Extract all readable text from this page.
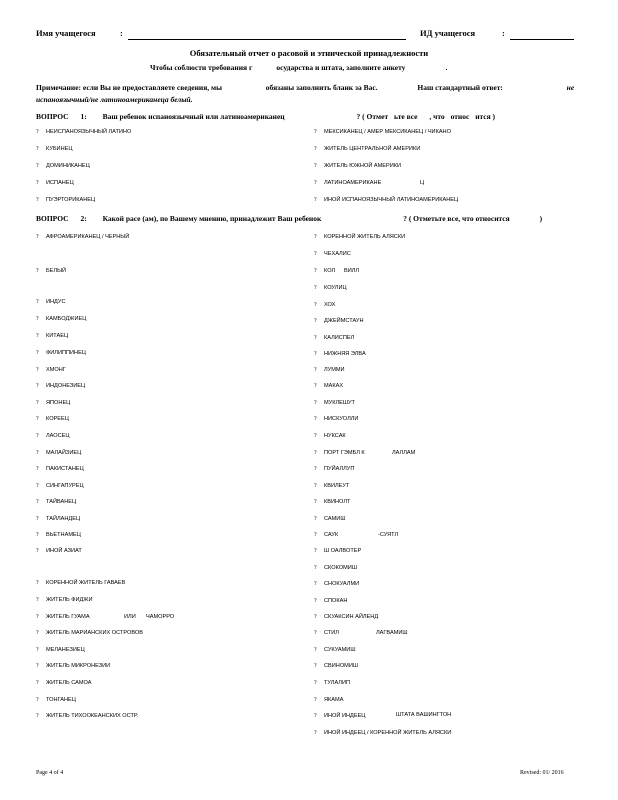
Имя учащегося	:	ИД учащегося	:
Обязательный отчет о расовой и этнической принадлежности
Чтобы соблюсти требования г	осударства и штата, заполните анкету	.
Примечание: если Вы не предоставляете сведения, мы	обязаны заполнить бланк за Вас.	Наш стандартный ответ:	не
испаноязычный/не латиноамериканеца белый.
ВОПРОС 1: Ваш ребенок испаноязычный или латиноамериканец	? ( Отмет ьте все , что относ ится )
? НЕИСПАНОЯЗЫЧНЫЙ ЛАТИНО
? КУБИНЕЦ
? ДОМИНИКАНЕЦ
? ИСПАНЕЦ
? ПУЭРТОРИКАНЕЦ
? МЕКСИКАНЕЦ / АМЕР МЕКСИКАНЕЦ / ЧИКАНО
? ЖИТЕЛЬ ЦЕНТРАЛЬНОЙ АМЕРИКИ
? ЖИТЕЛЬ ЮЖНОЙ АМЕРИКИ
? ЛАТИНОАМЕРИКАНЕ
? ИНОЙ ИСПАНОЯЗЫЧНЫЙ ЛАТИНОАМЕРИКАНЕЦ
Ц
ВОПРОС 2: Какой расе (ам), по Вашему мнению, принадлежит Ваш ребенок	? ( Отметьте все, что относится	)
? АФРОАМЕРИКАНЕЦ / ЧЕРНЫЙ
? БЕЛЫЙ
? ИНДУС
? КАМБОДЖИЕЦ
? КИТАЕЦ
? ФИЛИППИНЕЦ
? ХМОНГ
? ИНДОНЕЗИЕЦ
? ЯПОНЕЦ
? КОРЕЕЦ
? ЛАОСЕЦ
? МАЛАЙЗИЕЦ
? ПАКИСТАНЕЦ
? СИНГАПУРЕЦ
? ТАЙВАНЕЦ
? ТАЙЛАНДЕЦ
? ВЬЕТНАМЕЦ
? ИНОЙ АЗИАТ
? КОРЕННОЙ ЖИТЕЛЬ ГАВАЕВ
? ЖИТЕЛЬ ФИДЖИ
? ЖИТЕЛЬ ГУАМА
? ЖИТЕЛЬ МАРИАНСКИХ ОСТРОВОВ
? МЕЛАНЕЗИЕЦ
? ЖИТЕЛЬ МИКРОНЕЗИИ
? ЖИТЕЛЬ САМОА
? ТОНГАНЕЦ
? ЖИТЕЛЬ ТИХООКЕАНСКИХ ОСТР.
? КОРЕННОЙ ЖИТЕЛЬ АЛЯСКИ
? ЧЕХАЛИС
? КОЛ
? КОУЛИЦ
? ХОХ
? ДЖЕЙМСТАУН
? КАЛИСПЕЛ
? НИЖНЯЯ ЭЛВА
? ЛУММИ
? МАКАХ
? МУКЛЕШУТ
? НИСКУОЛЛИ
? НУКСАК
? ПОРТ ГЭМБЛ К
? ПУЙАЛЛУП
? КВИЛЕУТ
? КВИНОЛТ
? САМИШ
? САУК
? Ш ОАЛВОТЕР
? СКОКОМИШ
? СНОКУАЛМИ
? СПОКАН
? СКУАКСИН АЙЛЕНД
? СТИЛ
? СУКУАМИШ
? СВИНОМИШ
? ТУЛАЛИП
? ЯКАМА
? ИНОЙ ИНДЕЕЦ
? ИНОЙ ИНДЕЕЦ / КОРЕННОЙ ЖИТЕЛЬ АЛЯСКИ
ИЛИ ЧАМОРРО
ВИЛЛ
ЛАЛЛАМ
-СУЯТЛ
ЛАГВАМИШ
ШТАТА ВАШИНГТОН
Page 4 of 4	Revised: 01/ 2016
